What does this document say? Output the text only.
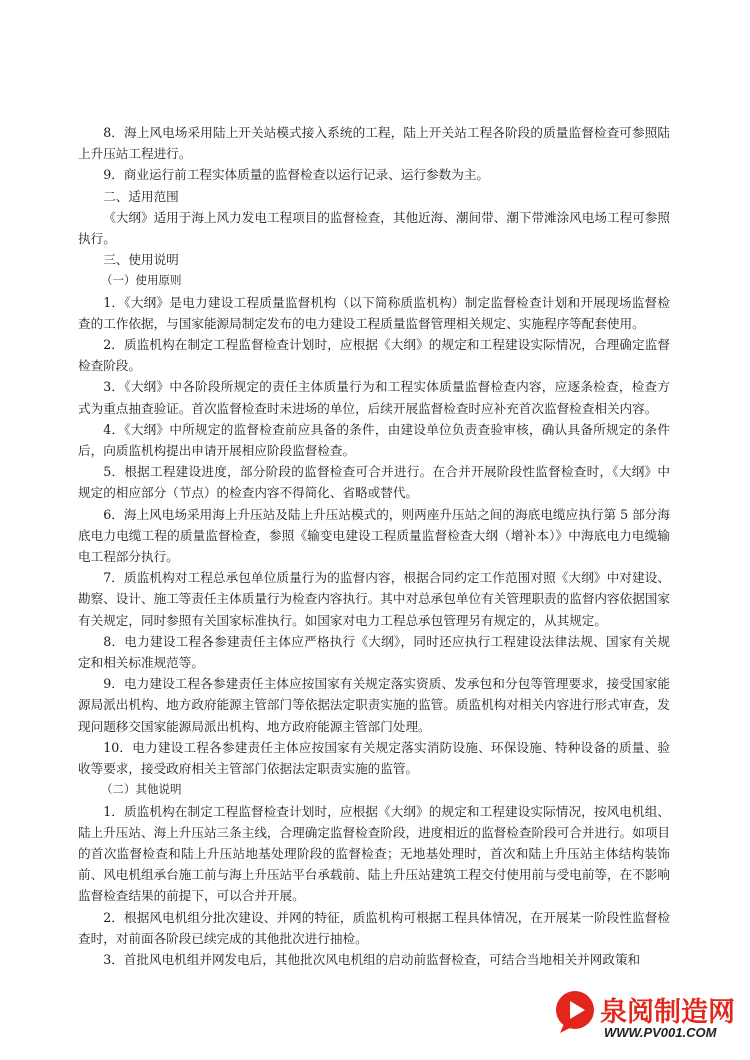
8．海上风电场采用陆上开关站模式接入系统的工程，陆上开关站工程各阶段的质量监督检查可参照陆上升压站工程进行。

9．商业运行前工程实体质量的监督检查以运行记录、运行参数为主。

二、适用范围

《大纲》适用于海上风力发电工程项目的监督检查，其他近海、潮间带、潮下带滩涂风电场工程可参照执行。

三、使用说明

（一）使用原则

1．《大纲》是电力建设工程质量监督机构（以下简称质监机构）制定监督检查计划和开展现场监督检查的工作依据，与国家能源局制定发布的电力建设工程质量监督管理相关规定、实施程序等配套使用。

2．质监机构在制定工程监督检查计划时，应根据《大纲》的规定和工程建设实际情况，合理确定监督检查阶段。

3．《大纲》中各阶段所规定的责任主体质量行为和工程实体质量监督检查内容，应逐条检查，检查方式为重点抽查验证。首次监督检查时未进场的单位，后续开展监督检查时应补充首次监督检查相关内容。

4．《大纲》中所规定的监督检查前应具备的条件，由建设单位负责查验审核，确认具备所规定的条件后，向质监机构提出申请开展相应阶段监督检查。

5．根据工程建设进度，部分阶段的监督检查可合并进行。在合并开展阶段性监督检查时，《大纲》中规定的相应部分（节点）的检查内容不得简化、省略或替代。

6．海上风电场采用海上升压站及陆上升压站模式的，则两座升压站之间的海底电缆应执行第 5 部分海底电力电缆工程的质量监督检查，参照《输变电建设工程质量监督检查大纲（增补本）》中海底电力电缆输电工程部分执行。

7．质监机构对工程总承包单位质量行为的监督内容，根据合同约定工作范围对照《大纲》中对建设、勘察、设计、施工等责任主体质量行为检查内容执行。其中对总承包单位有关管理职责的监督内容依据国家有关规定，同时参照有关国家标准执行。如国家对电力工程总承包管理另有规定的，从其规定。

8．电力建设工程各参建责任主体应严格执行《大纲》，同时还应执行工程建设法律法规、国家有关规定和相关标准规范等。

9．电力建设工程各参建责任主体应按国家有关规定落实资质、发承包和分包等管理要求，接受国家能源局派出机构、地方政府能源主管部门等依据法定职责实施的监管。质监机构对相关内容进行形式审查，发现问题移交国家能源局派出机构、地方政府能源主管部门处理。

10．电力建设工程各参建责任主体应按国家有关规定落实消防设施、环保设施、特种设备的质量、验收等要求，接受政府相关主管部门依据法定职责实施的监管。

（二）其他说明

1．质监机构在制定工程监督检查计划时，应根据《大纲》的规定和工程建设实际情况，按风电机组、陆上升压站、海上升压站三条主线，合理确定监督检查阶段，进度相近的监督检查阶段可合并进行。如项目的首次监督检查和陆上升压站地基处理阶段的监督检查；无地基处理时，首次和陆上升压站主体结构装饰前、风电机组承台施工前与海上升压站平台承载前、陆上升压站建筑工程交付使用前与受电前等，在不影响监督检查结果的前提下，可以合并开展。

2．根据风电机组分批次建设、并网的特征，质监机构可根据工程具体情况，在开展某一阶段性监督检查时，对前面各阶段已续完成的其他批次进行抽检。

3．首批风电机组并网发电后，其他批次风电机组的启动前监督检查，可结合当地相关并网政策和

泉阅制造网
WWW.PV001.COM
